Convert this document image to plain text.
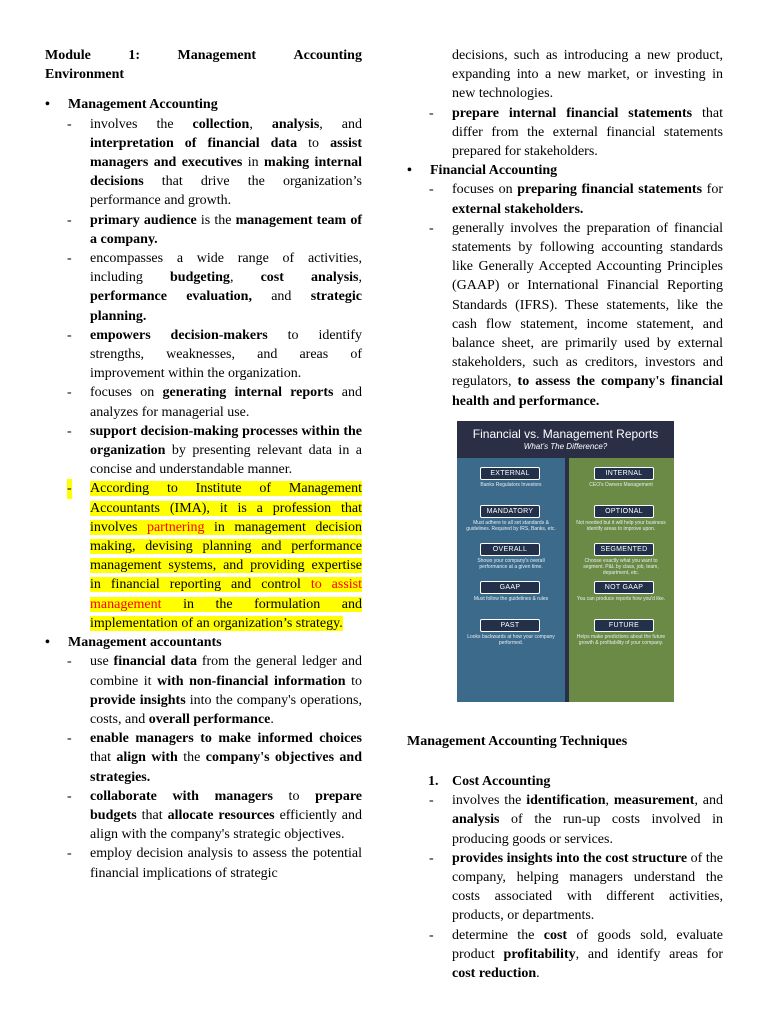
Module	1:	Management	Accounting
Environment
• Management Accounting
- involves the collection, analysis, and interpretation of financial data to assist managers and executives in making internal decisions that drive the organization’s performance and growth.
- primary audience is the management team of a company.
- encompasses a wide range of activities, including budgeting, cost analysis, performance evaluation, and strategic planning.
- empowers decision-makers to identify strengths, weaknesses, and areas of improvement within the organization.
- focuses on generating internal reports and analyzes for managerial use.
- support decision-making processes within the organization by presenting relevant data in a concise and understandable manner.
- According to Institute of Management Accountants (IMA), it is a profession that involves partnering in management decision making, devising planning and performance management systems, and providing expertise in financial reporting and control to assist management in the formulation and implementation of an organization’s strategy.
• Management accountants
- use financial data from the general ledger and combine it with non-financial information to provide insights into the company's operations, costs, and overall performance.
- enable managers to make informed choices that align with the company's objectives and strategies.
- collaborate with managers to prepare budgets that allocate resources efficiently and align with the company's strategic objectives.
- employ decision analysis to assess the potential financial implications of strategic
decisions, such as introducing a new product, expanding into a new market, or investing in new technologies.
- prepare internal financial statements that differ from the external financial statements prepared for stakeholders.
• Financial Accounting
- focuses on preparing financial statements for external stakeholders.
- generally involves the preparation of financial statements by following accounting standards like Generally Accepted Accounting Principles (GAAP) or International Financial Reporting Standards (IFRS). These statements, like the cash flow statement, income statement, and balance sheet, are primarily used by external stakeholders, such as creditors, investors and regulators, to assess the company's financial health and performance.
Financial vs. Management Reports
What’s The Difference?
EXTERNAL
Banks Regulators Investors
MANDATORY
Must adhere to all set standards & guidelines. Required by IRS, Banks, etc.
OVERALL
Shows your company's overall performance at a given time.
GAAP
Must follow the guidelines & rules
PAST
Looks backwards at how your company performed.
INTERNAL
CEO's Owners Management
OPTIONAL
Not needed but it will help your business identify areas to improve upon.
SEGMENTED
Choose exactly what you want to segment. P&L by class, job, team, department, etc.
NOT GAAP
You can produce reports how you'd like.
FUTURE
Helps make predictions about the future growth & profitability of your company.
Management Accounting Techniques
1. Cost Accounting
- involves the identification, measurement, and analysis of the run-up costs involved in producing goods or services.
- provides insights into the cost structure of the company, helping managers understand the costs associated with different activities, products, or departments.
- determine the cost of goods sold, evaluate product profitability, and identify areas for cost reduction.
